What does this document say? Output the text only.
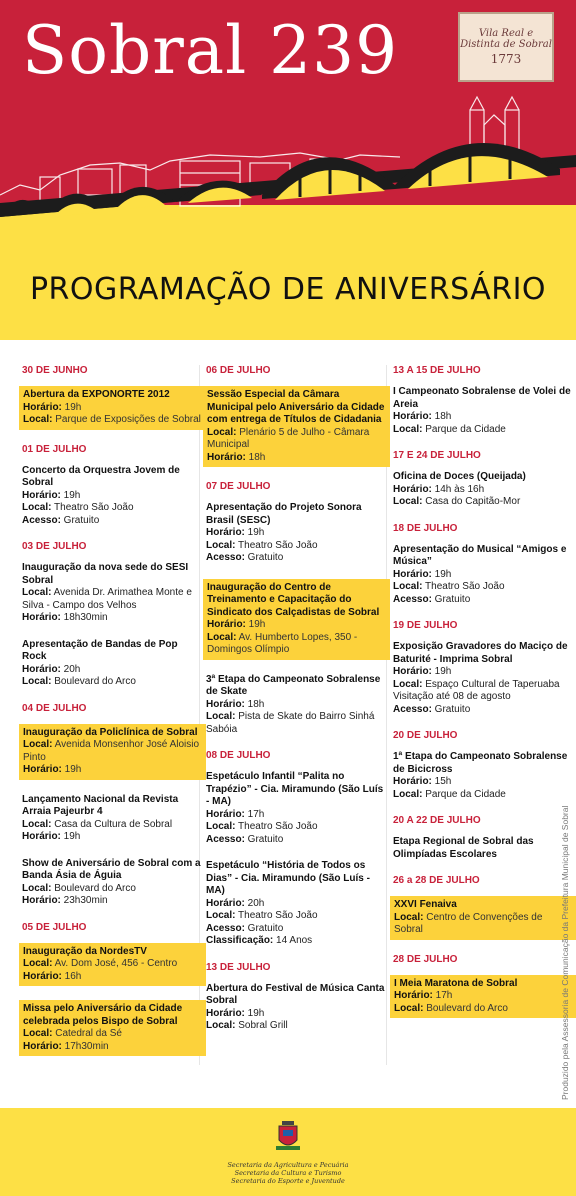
Sobral 239	Vila Real e
Distinta de Sobral
1773
PROGRAMAÇÃO DE ANIVERSÁRIO
30 DE JUNHO
Abertura da EXPONORTE 2012
Horário: 19h
Local: Parque de Exposições de Sobral
01 DE JULHO
Concerto da Orquestra Jovem de Sobral
Horário: 19h
Local: Theatro São João
Acesso: Gratuito
03 DE JULHO
Inauguração da nova sede do SESI Sobral
Local: Avenida Dr. Arimathea Monte e Silva - Campo dos Velhos
Horário: 18h30min
Apresentação de Bandas de Pop Rock
Horário: 20h
Local: Boulevard do Arco
04 DE JULHO
Inauguração da Policlínica de Sobral
Local: Avenida Monsenhor José Aloisio Pinto
Horário: 19h
Lançamento Nacional da Revista Arraia Pajeurbr 4
Local: Casa da Cultura de Sobral
Horário: 19h
Show de Aniversário de Sobral com a Banda Ásia de Águia
Local: Boulevard do Arco
Horário: 23h30min
05 DE JULHO
Inauguração da NordesTV
Local: Av. Dom José, 456 - Centro
Horário: 16h
Missa pelo Aniversário da Cidade celebrada pelos Bispo de Sobral
Local: Catedral da Sé
Horário: 17h30min
06 DE JULHO
Sessão Especial da Câmara Municipal pelo Aniversário da Cidade com entrega de Títulos de Cidadania
Local: Plenário 5 de Julho - Câmara Municipal
Horário: 18h
07 DE JULHO
Apresentação do Projeto Sonora Brasil (SESC)
Horário: 19h
Local: Theatro São João
Acesso: Gratuito
Inauguração do Centro de Treinamento e Capacitação do Sindicato dos Calçadistas de Sobral
Horário: 19h
Local: Av. Humberto Lopes, 350 - Domingos Olímpio
3ª Etapa do Campeonato Sobralense de Skate
Horário: 18h
Local: Pista de Skate do Bairro Sinhá Sabóia
08 DE JULHO
Espetáculo Infantil “Palita no Trapézio” - Cia. Miramundo (São Luís - MA)
Horário: 17h
Local: Theatro São João
Acesso: Gratuito
Espetáculo “História de Todos os Dias” - Cia. Miramundo (São Luís - MA)
Horário: 20h
Local: Theatro São João
Acesso: Gratuito
Classificação: 14 Anos
13 DE JULHO
Abertura do Festival de Música Canta Sobral
Horário: 19h
Local: Sobral Grill
13 A 15 DE JULHO
I Campeonato Sobralense de Volei de Areia
Horário: 18h
Local: Parque da Cidade
17 E 24 DE JULHO
Oficina de Doces (Queijada)
Horário: 14h às 16h
Local: Casa do Capitão-Mor
18 DE JULHO
Apresentação do Musical “Amigos e Música”
Horário: 19h
Local: Theatro São João
Acesso: Gratuito
19 DE JULHO
Exposição Gravadores do Maciço de Baturité - Imprima Sobral
Horário: 19h
Local: Espaço Cultural de Taperuaba
Visitação até 08 de agosto
Acesso: Gratuito
20 DE JULHO
1ª Etapa do Campeonato Sobralense de Bicicross
Horário: 15h
Local: Parque da Cidade
20 A 22 DE JULHO
Etapa Regional de Sobral das Olimpíadas Escolares
26 a 28 DE JULHO
XXVI Fenaiva
Local: Centro de Convenções de Sobral
28 DE JULHO
I Meia Maratona de Sobral
Horário: 17h
Local: Boulevard do Arco	Produzido pela Assessoria de Comunicação da Prefeitura Municipal de Sobral
Secretaria da Agricultura e Pecuária
Secretaria da Cultura e Turismo
Secretaria do Esporte e Juventude
